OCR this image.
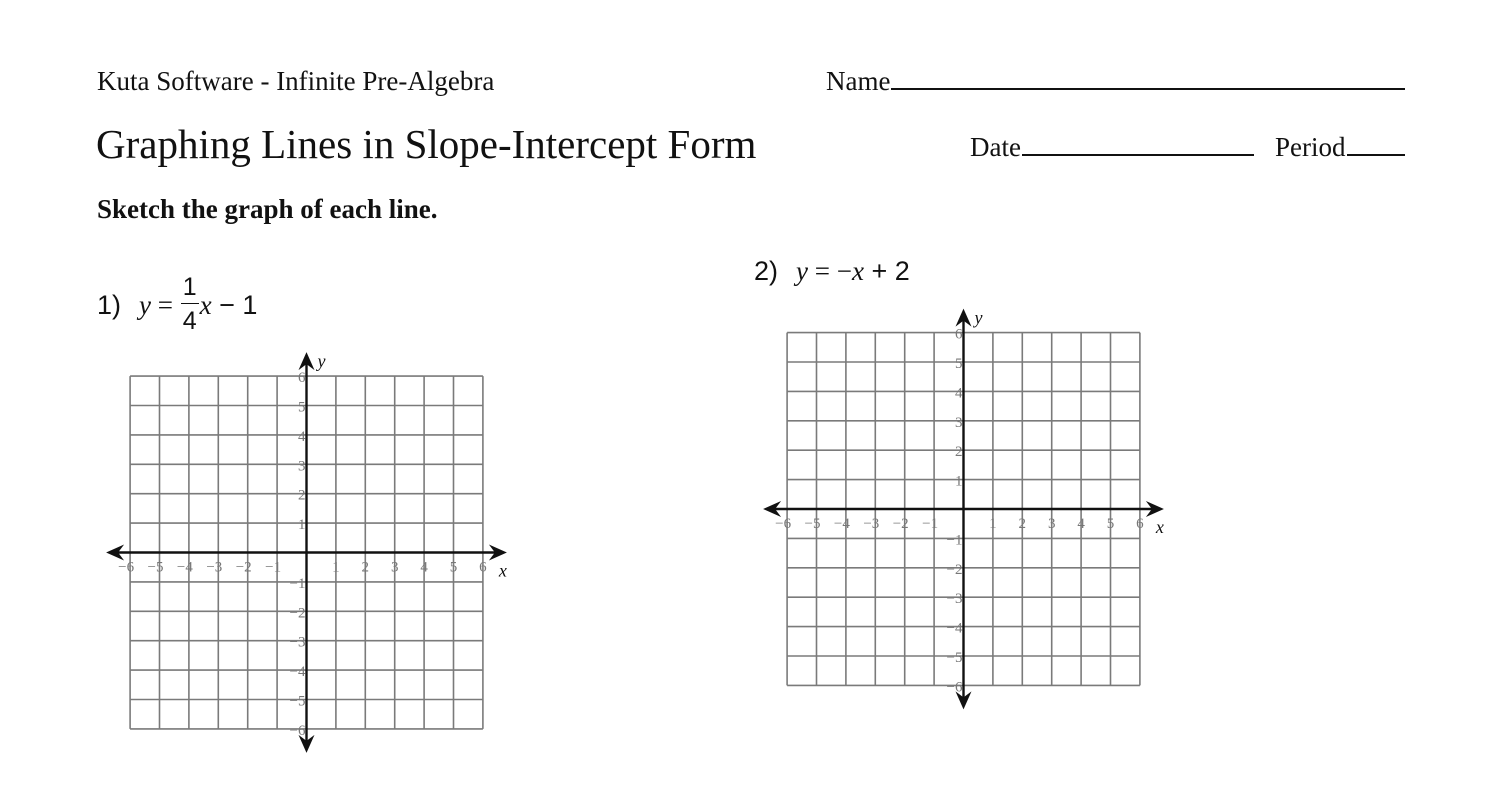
Kuta Software - Infinite Pre-Algebra
Graphing Lines in Slope-Intercept Form
Name
Date	Period
Sketch the graph of each line.
1) $y = \frac{1}{4}$ x − 1
2) y = −x + 2
−6 −5 −4 −3 −2 −1	1 2 3 4 5 6
6
5
4
3
2
1
−1
−2
−3
−4
−5
−6
x
y
−6 −5 −4 −3 −2 −1	1 2 3 4 5 6
6
5
4
3
2
1
−1
−2
−3
−4
−5
−6
x
y
